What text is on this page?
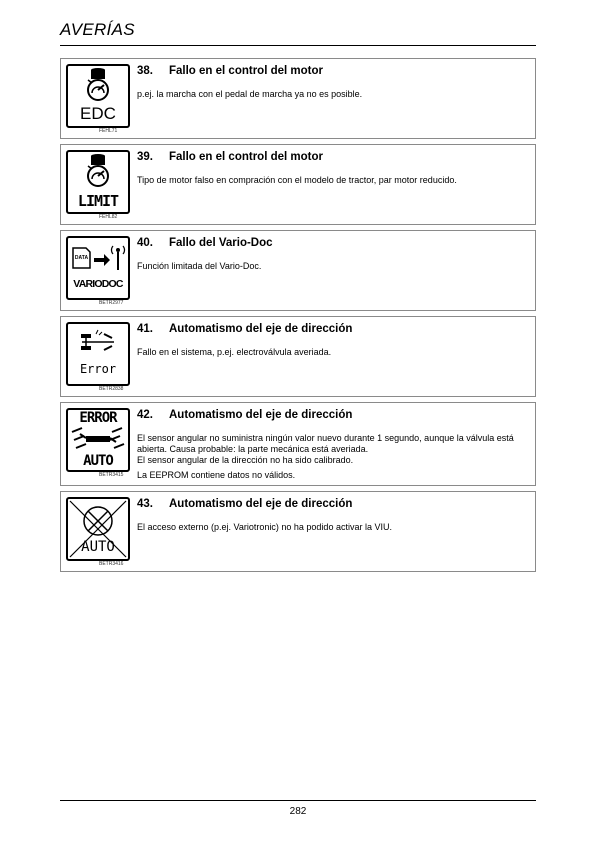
AVERÍAS
EDC
FEHL71
38. Fallo en el control del motor

p.ej. la marcha con el pedal de marcha ya no es posible.

LIMIT
FEHL82
39. Fallo en el control del motor

Tipo de motor falso en compración con el modelo de tractor, par motor reducido.

DATA
VARIODOC
BETR2977
40. Fallo del Vario-Doc

Función limitada del Vario-Doc.

Error
BETR2838
41. Automatismo del eje de dirección

Fallo en el sistema, p.ej. electroválvula averiada.

ERROR
AUTO
BETR3415
42. Automatismo del eje de dirección

El sensor angular no suministra ningún valor nuevo durante 1 segundo, aunque la válvula está abierta. Causa probable: la parte mecánica está averiada.

El sensor angular de la dirección no ha sido calibrado.

La EEPROM contiene datos no válidos.

AUTO
BETR3416
43. Automatismo del eje de dirección

El acceso externo (p.ej. Variotronic) no ha podido activar la VIU.

282
